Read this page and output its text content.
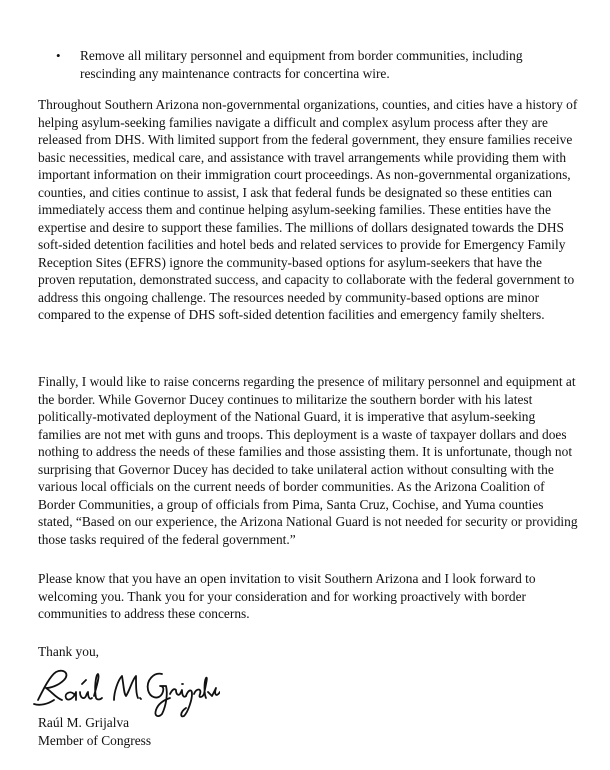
•	Remove all military personnel and equipment from border communities, including rescinding any maintenance contracts for concertina wire.

Throughout Southern Arizona non-governmental organizations, counties, and cities have a history of helping asylum-seeking families navigate a difficult and complex asylum process after they are released from DHS. With limited support from the federal government, they ensure families receive basic necessities, medical care, and assistance with travel arrangements while providing them with important information on their immigration court proceedings. As non-governmental organizations, counties, and cities continue to assist, I ask that federal funds be designated so these entities can immediately access them and continue helping asylum-seeking families. These entities have the expertise and desire to support these families. The millions of dollars designated towards the DHS soft-sided detention facilities and hotel beds and related services to provide for Emergency Family Reception Sites (EFRS) ignore the community-based options for asylum-seekers that have the proven reputation, demonstrated success, and capacity to collaborate with the federal government to address this ongoing challenge. The resources needed by community-based options are minor compared to the expense of DHS soft-sided detention facilities and emergency family shelters.

Finally, I would like to raise concerns regarding the presence of military personnel and equipment at the border. While Governor Ducey continues to militarize the southern border with his latest politically-motivated deployment of the National Guard, it is imperative that asylum-seeking families are not met with guns and troops. This deployment is a waste of taxpayer dollars and does nothing to address the needs of these families and those assisting them. It is unfortunate, though not surprising that Governor Ducey has decided to take unilateral action without consulting with the various local officials on the current needs of border communities. As the Arizona Coalition of Border Communities, a group of officials from Pima, Santa Cruz, Cochise, and Yuma counties stated, “Based on our experience, the Arizona National Guard is not needed for security or providing those tasks required of the federal government.”

Please know that you have an open invitation to visit Southern Arizona and I look forward to welcoming you. Thank you for your consideration and for working proactively with border communities to address these concerns.

Thank you,

Raúl M. Grijalva
Member of Congress
